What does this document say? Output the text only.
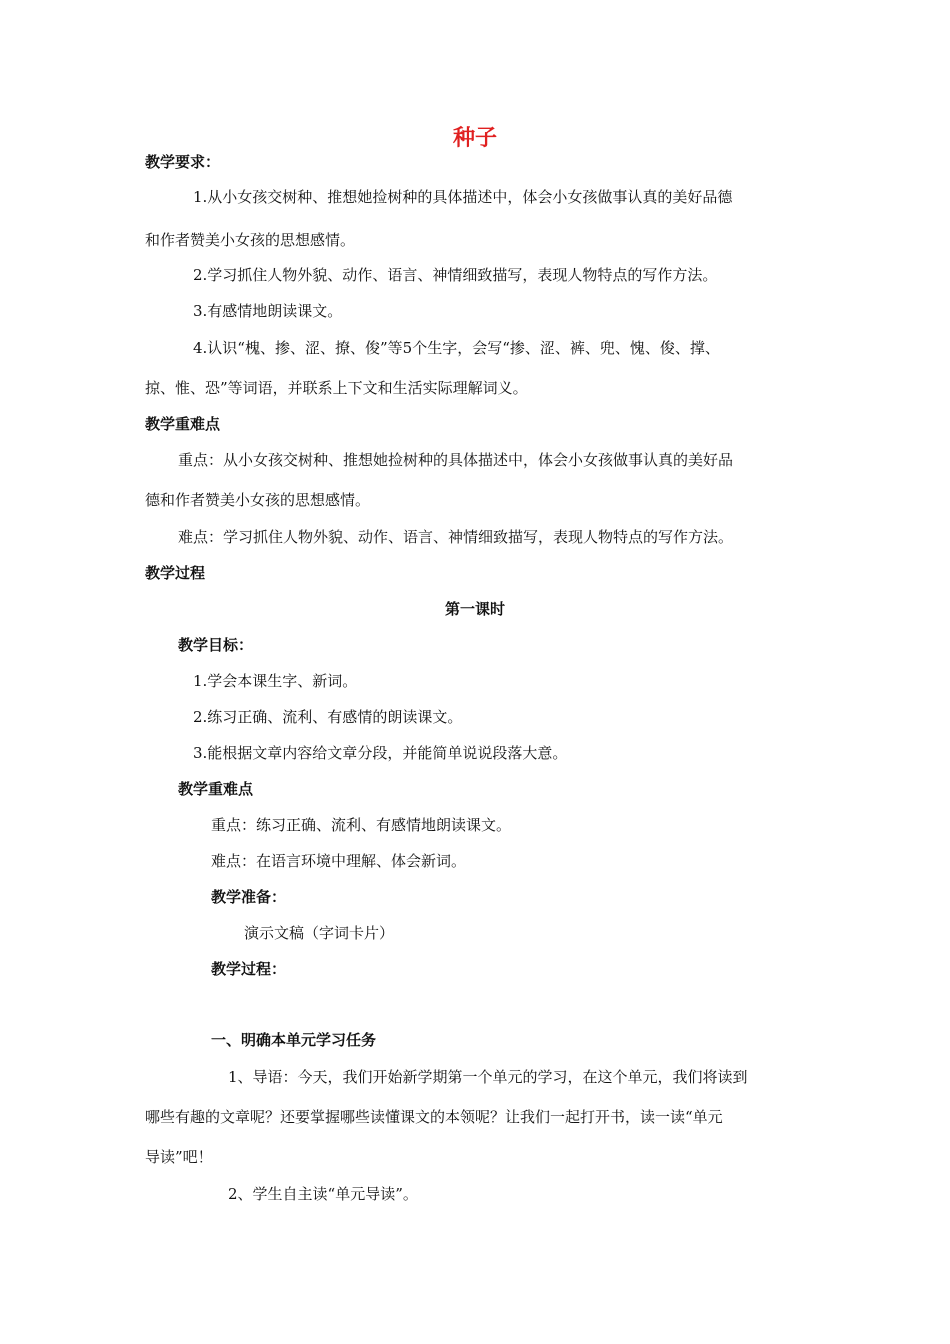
种子
教学要求：
1.从小女孩交树种、推想她捡树种的具体描述中，体会小女孩做事认真的美好品德
和作者赞美小女孩的思想感情。
2.学习抓住人物外貌、动作、语言、神情细致描写，表现人物特点的写作方法。
3.有感情地朗读课文。
4.认识“槐、掺、涩、撩、俊”等5个生字，会写“掺、涩、裤、兜、愧、俊、撑、
掠、惟、恐”等词语，并联系上下文和生活实际理解词义。
教学重难点
重点：从小女孩交树种、推想她捡树种的具体描述中，体会小女孩做事认真的美好品
德和作者赞美小女孩的思想感情。
难点：学习抓住人物外貌、动作、语言、神情细致描写，表现人物特点的写作方法。
教学过程
第一课时
教学目标：
1.学会本课生字、新词。
2.练习正确、流利、有感情的朗读课文。
3.能根据文章内容给文章分段，并能简单说说段落大意。
教学重难点
重点：练习正确、流利、有感情地朗读课文。
难点：在语言环境中理解、体会新词。
教学准备：
演示文稿（字词卡片）
教学过程：
一、明确本单元学习任务
1、导语：今天，我们开始新学期第一个单元的学习，在这个单元，我们将读到
哪些有趣的文章呢？还要掌握哪些读懂课文的本领呢？让我们一起打开书，读一读“单元
导读”吧！
2、学生自主读“单元导读”。
